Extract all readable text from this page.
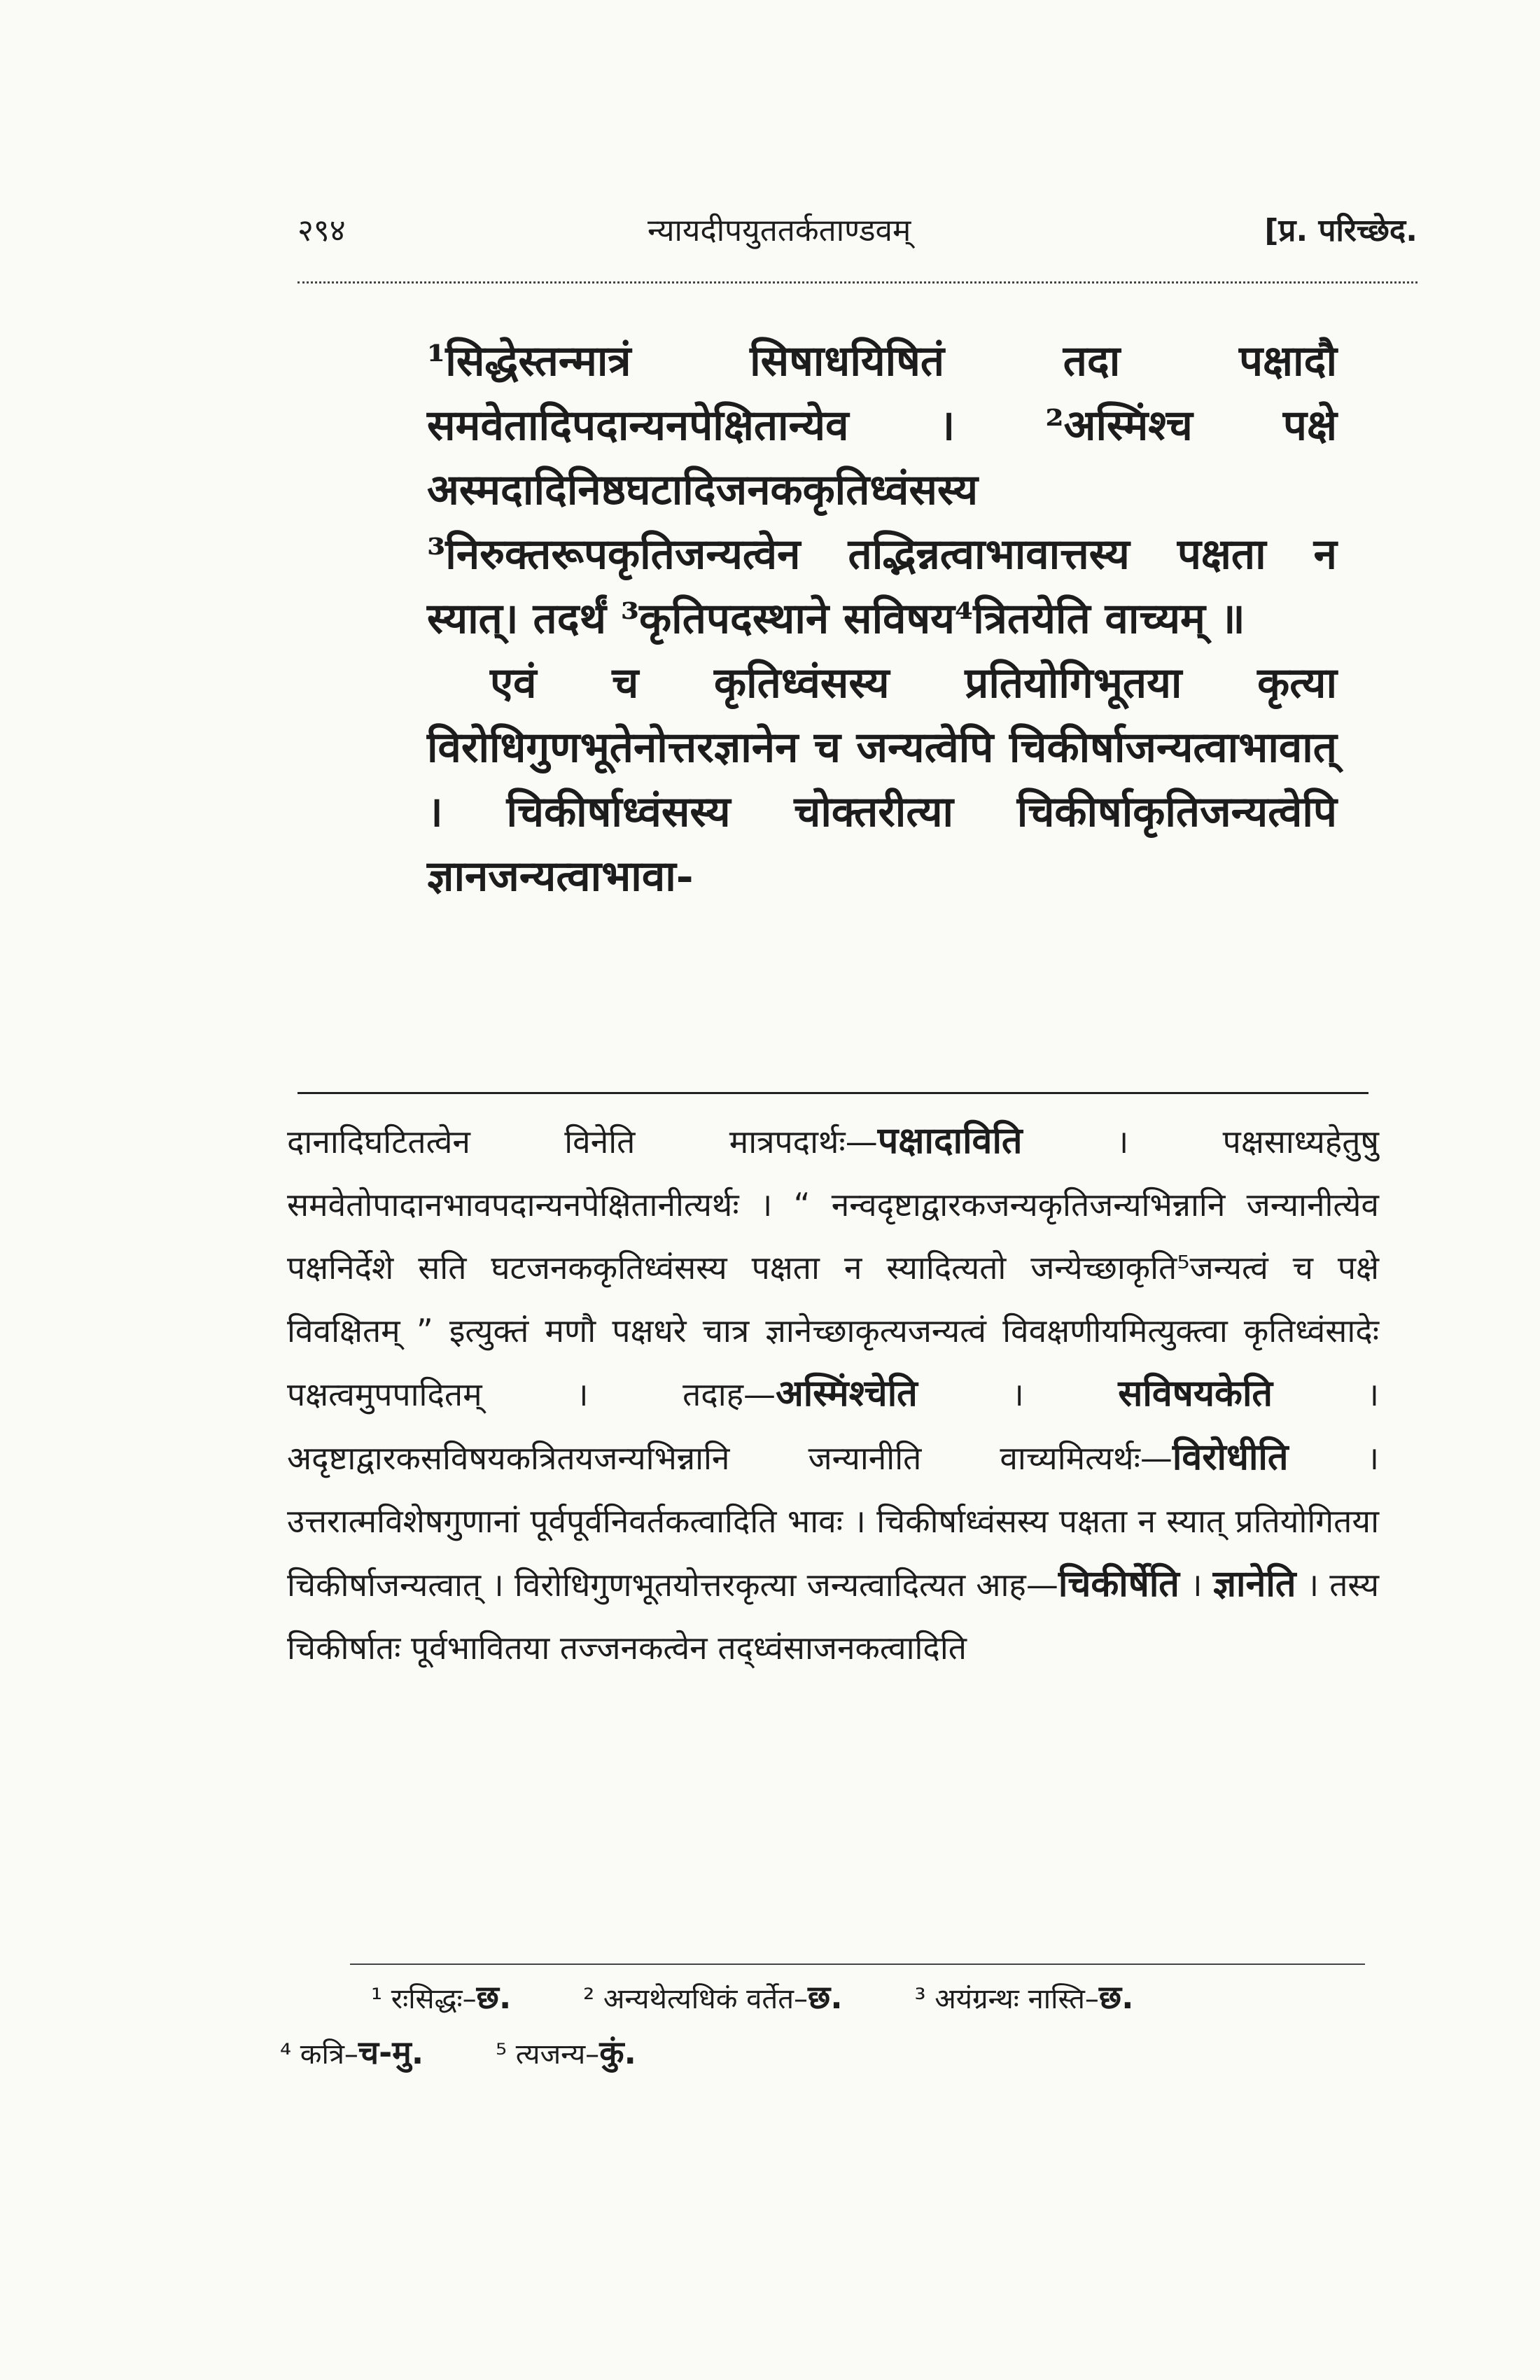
२९४	न्यायदीपयुततर्कताण्डवम्	[प्र. परिच्छेद.

¹सिद्धेस्तन्मात्रं सिषाधयिषितं तदा पक्षादौ समवेतादिपदान्यनपेक्षितान्येव । ²अस्मिंश्च पक्षे अस्मदादिनिष्ठघटादिजनककृतिध्वंसस्य ³निरुक्तरूपकृतिजन्यत्वेन तद्भिन्नत्वाभावात्तस्य पक्षता न स्यात्। तदर्थं ³कृतिपदस्थाने सविषय⁴त्रितयेति वाच्यम् ॥

एवं च कृतिध्वंसस्य प्रतियोगिभूतया कृत्या विरोधिगुणभूतेनोत्तरज्ञानेन च जन्यत्वेपि चिकीर्षाजन्यत्वाभावात् । चिकीर्षाध्वंसस्य चोक्तरीत्या चिकीर्षाकृतिजन्यत्वेपि ज्ञानजन्यत्वाभावा-

दानादिघटितत्वेन विनेति मात्रपदार्थः—पक्षादाविति	। पक्षसाध्यहेतुषु समवेतोपादानभावपदान्यनपेक्षितानीत्यर्थः । “ नन्वदृष्टाद्वारकजन्यकृतिजन्यभिन्नानि जन्यानीत्येव पक्षनिर्देशे सति घटजनककृतिध्वंसस्य पक्षता न स्यादित्यतो जन्येच्छाकृति⁵जन्यत्वं च पक्षे विवक्षितम् ” इत्युक्तं मणौ पक्षधरे चात्र ज्ञानेच्छाकृत्यजन्यत्वं विवक्षणीयमित्युक्त्वा कृतिध्वंसादेः पक्षत्वमुपपादितम् । तदाह—अस्मिंश्चेति	। सविषयकेति	। अदृष्टाद्वारकसविषयकत्रितयजन्यभिन्नानि जन्यानीति वाच्यमित्यर्थः—विरोधीति । उत्तरात्मविशेषगुणानां पूर्वपूर्वनिवर्तकत्वादिति भावः । चिकीर्षाध्वंसस्य पक्षता न स्यात् प्रतियोगितया चिकीर्षाजन्यत्वात् । विरोधिगुणभूतयोत्तरकृत्या जन्यत्वादित्यत आह—चिकीर्षेति । ज्ञानेति । तस्य चिकीर्षातः पूर्वभावितया तज्जनकत्वेन तद्ध्वंसाजनकत्वादिति
¹ रःसिद्धः–छ.	² अन्यथेत्यधिकं वर्तेत–छ.	³ अयंग्रन्थः नास्ति–छ.
⁴ कत्रि–च-मु.	⁵ त्यजन्य–कुं.
